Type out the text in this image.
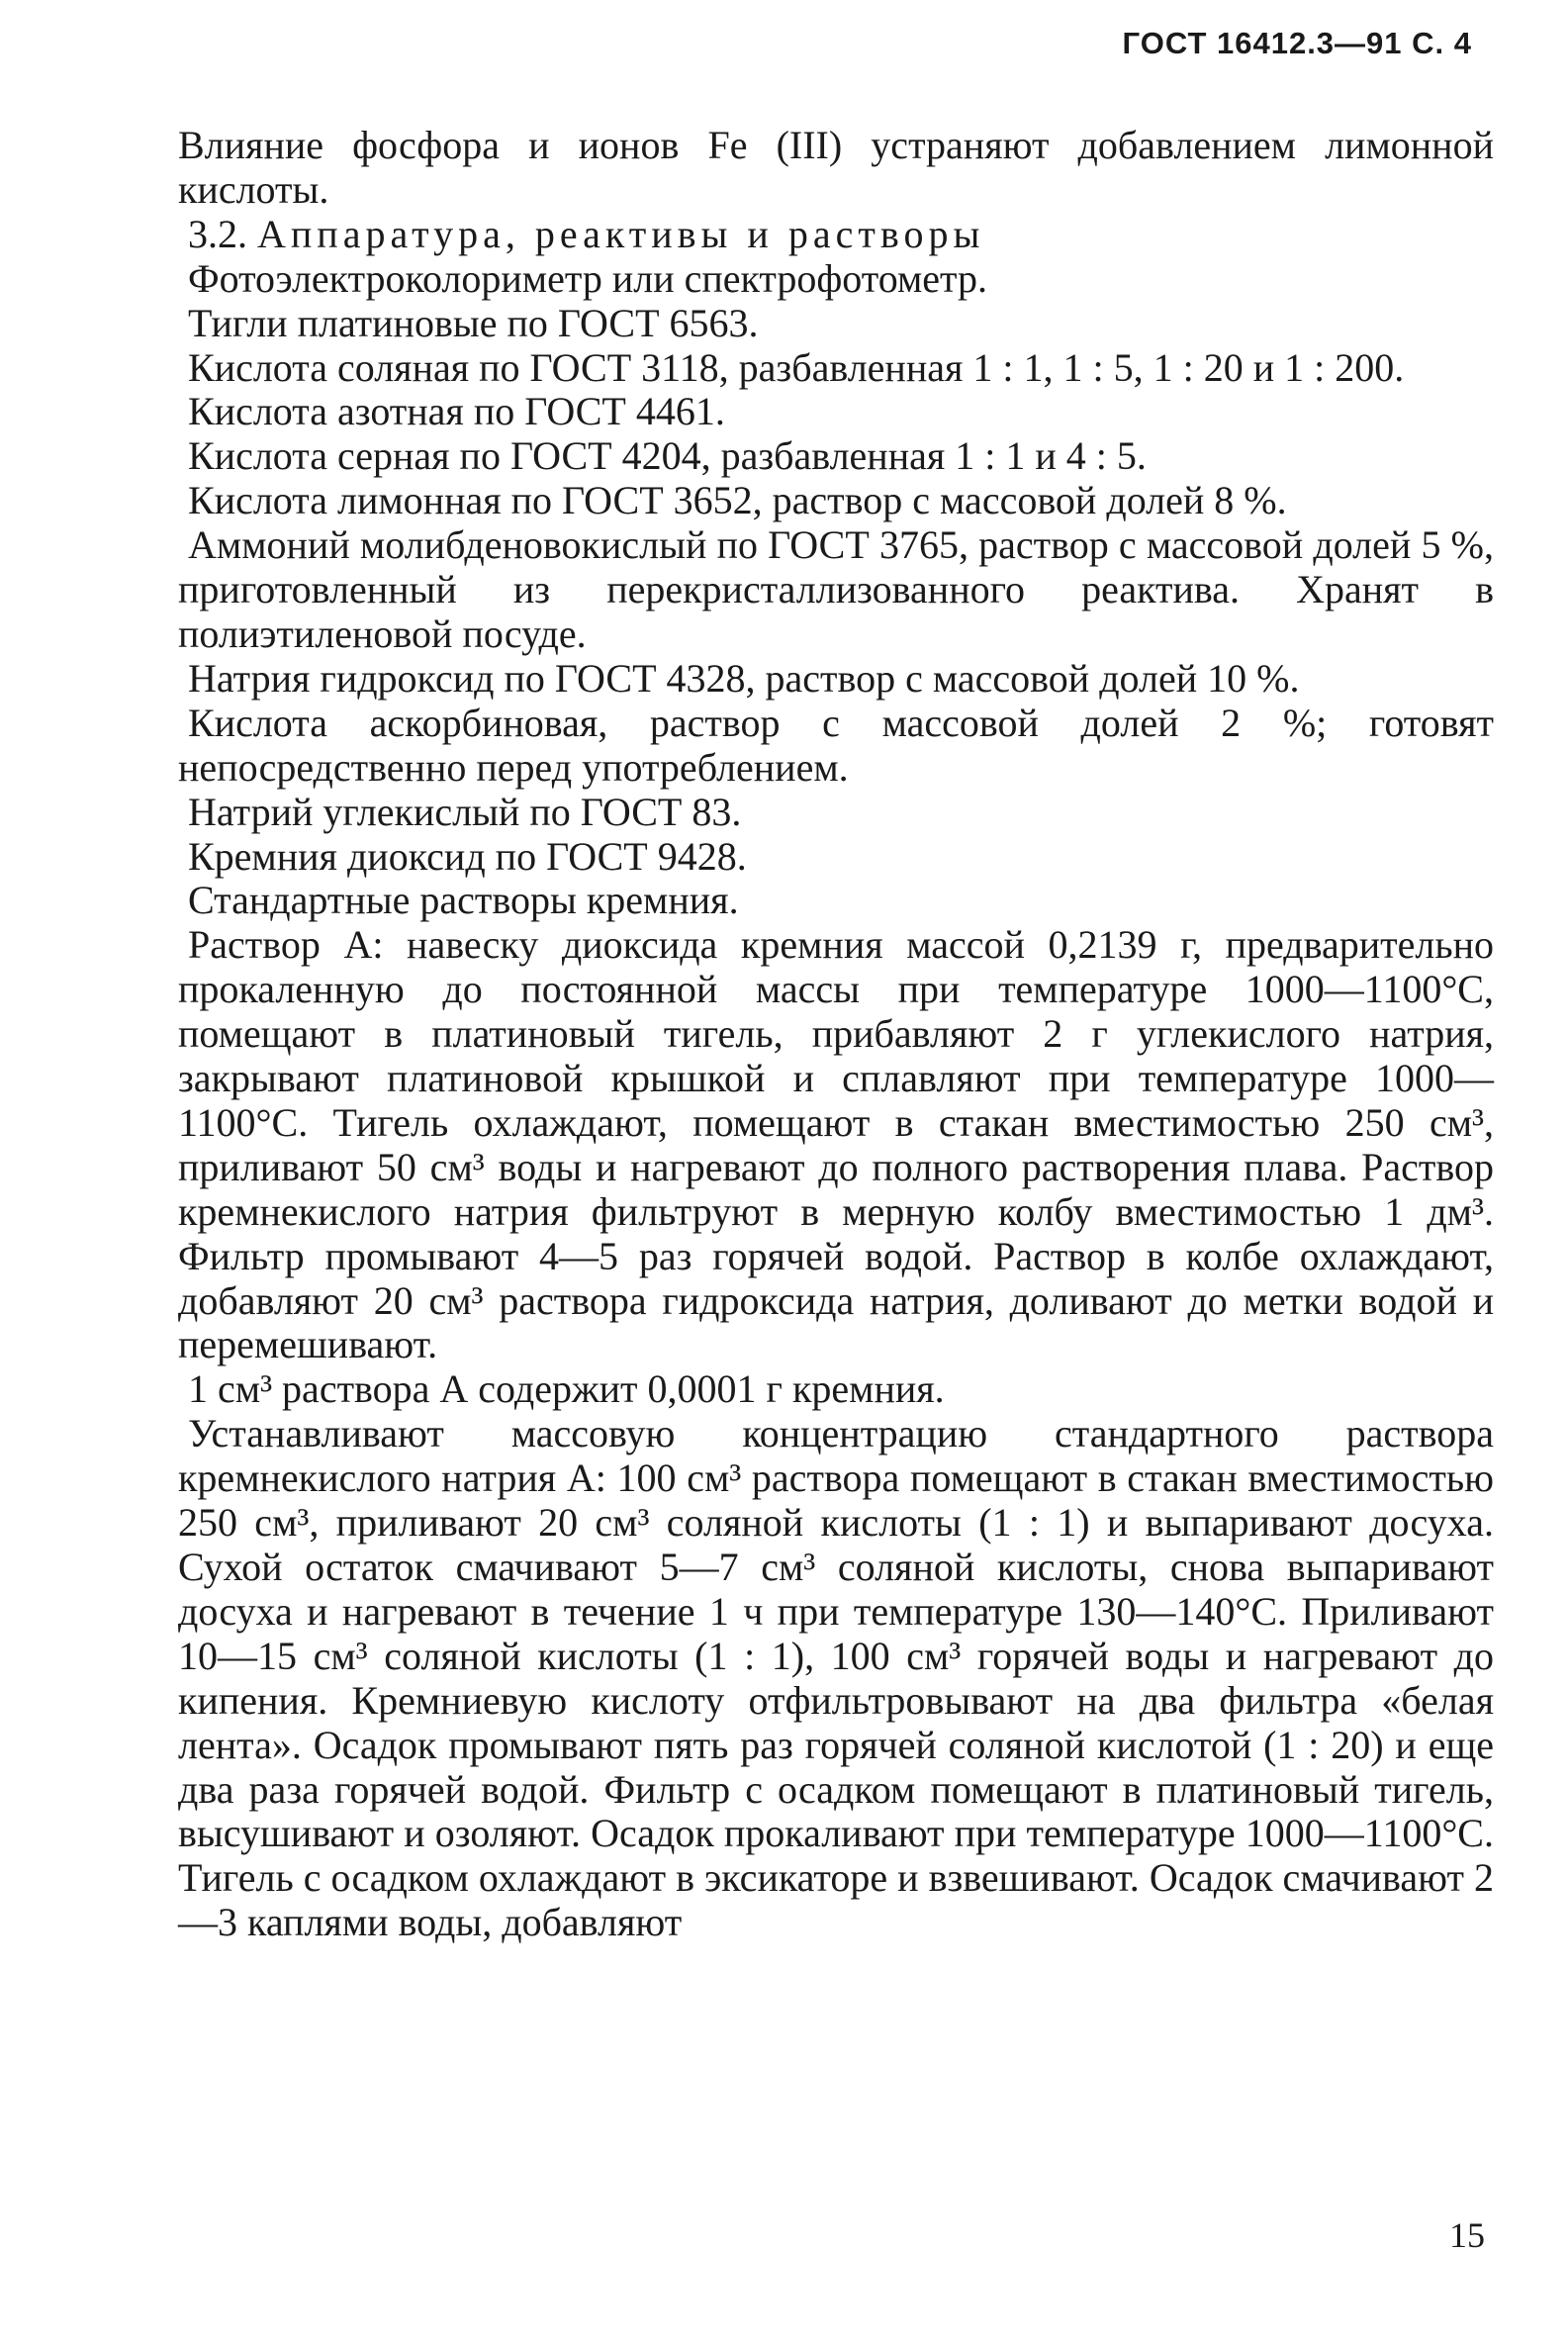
ГОСТ 16412.3—91 С. 4

Влияние фосфора и ионов Fe (III) устраняют добавлением лимонной кислоты.

3.2. Аппаратура, реактивы и растворы

Фотоэлектроколориметр или спектрофотометр.

Тигли платиновые по ГОСТ 6563.

Кислота соляная по ГОСТ 3118, разбавленная 1 : 1, 1 : 5, 1 : 20 и 1 : 200.

Кислота азотная по ГОСТ 4461.

Кислота серная по ГОСТ 4204, разбавленная 1 : 1 и 4 : 5.

Кислота лимонная по ГОСТ 3652, раствор с массовой долей 8 %.

Аммоний молибденовокислый по ГОСТ 3765, раствор с массовой долей 5 %, приготовленный из перекристаллизованного реактива. Хранят в полиэтиленовой посуде.

Натрия гидроксид по ГОСТ 4328, раствор с массовой долей 10 %.

Кислота аскорбиновая, раствор с массовой долей 2 %; готовят непосредственно перед употреблением.

Натрий углекислый по ГОСТ 83.

Кремния диоксид по ГОСТ 9428.

Стандартные растворы кремния.

Раствор А: навеску диоксида кремния массой 0,2139 г, предварительно прокаленную до постоянной массы при температуре 1000—1100°С, помещают в платиновый тигель, прибавляют 2 г углекислого натрия, закрывают платиновой крышкой и сплавляют при температуре 1000—1100°С. Тигель охлаждают, помещают в стакан вместимостью 250 см³, приливают 50 см³ воды и нагревают до полного растворения плава. Раствор кремнекислого натрия фильтруют в мерную колбу вместимостью 1 дм³. Фильтр промывают 4—5 раз горячей водой. Раствор в колбе охлаждают, добавляют 20 см³ раствора гидроксида натрия, доливают до метки водой и перемешивают.

1 см³ раствора А содержит 0,0001 г кремния.

Устанавливают массовую концентрацию стандартного раствора кремнекислого натрия А: 100 см³ раствора помещают в стакан вместимостью 250 см³, приливают 20 см³ соляной кислоты (1 : 1) и выпаривают досуха. Сухой остаток смачивают 5—7 см³ соляной кислоты, снова выпаривают досуха и нагревают в течение 1 ч при температуре 130—140°С. Приливают 10—15 см³ соляной кислоты (1 : 1), 100 см³ горячей воды и нагревают до кипения. Кремниевую кислоту отфильтровывают на два фильтра «белая лента». Осадок промывают пять раз горячей соляной кислотой (1 : 20) и еще два раза горячей водой. Фильтр с осадком помещают в платиновый тигель, высушивают и озоляют. Осадок прокаливают при температуре 1000—1100°С. Тигель с осадком охлаждают в эксикаторе и взвешивают. Осадок смачивают 2—3 каплями воды, добавляют

15
